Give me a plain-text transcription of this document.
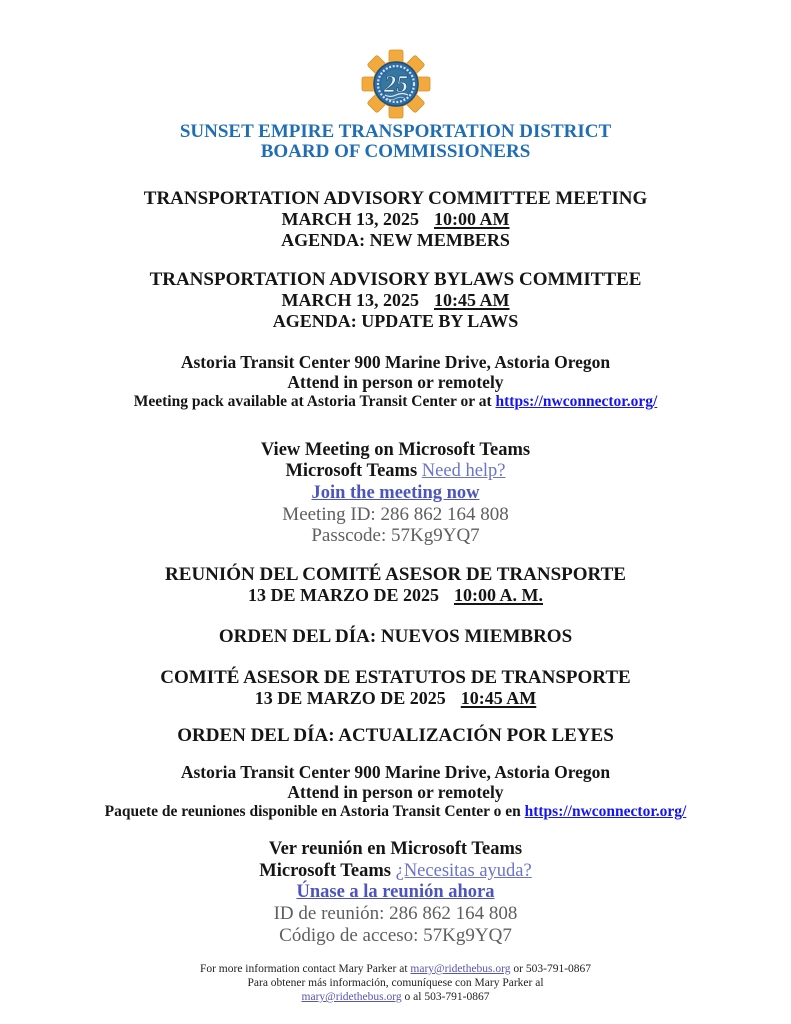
25
SUNSET EMPIRE TRANSPORTATION DISTRICT
BOARD OF COMMISSIONERS
TRANSPORTATION ADVISORY COMMITTEE MEETING
MARCH 13, 2025 10:00 AM
AGENDA: NEW MEMBERS
TRANSPORTATION ADVISORY BYLAWS COMMITTEE
MARCH 13, 2025 10:45 AM
AGENDA: UPDATE BY LAWS
Astoria Transit Center 900 Marine Drive, Astoria Oregon
Attend in person or remotely
Meeting pack available at Astoria Transit Center or at https://nwconnector.org/
View Meeting on Microsoft Teams
Microsoft Teams Need help?
Join the meeting now
Meeting ID: 286 862 164 808
Passcode: 57Kg9YQ7
REUNIÓN DEL COMITÉ ASESOR DE TRANSPORTE
13 DE MARZO DE 2025 10:00 A. M.
ORDEN DEL DÍA: NUEVOS MIEMBROS
COMITÉ ASESOR DE ESTATUTOS DE TRANSPORTE
13 DE MARZO DE 2025 10:45 AM
ORDEN DEL DÍA: ACTUALIZACIÓN POR LEYES
Astoria Transit Center 900 Marine Drive, Astoria Oregon
Attend in person or remotely
Paquete de reuniones disponible en Astoria Transit Center o en https://nwconnector.org/
Ver reunión en Microsoft Teams
Microsoft Teams ¿Necesitas ayuda?
Únase a la reunión ahora
ID de reunión: 286 862 164 808
Código de acceso: 57Kg9YQ7
For more information contact Mary Parker at mary@ridethebus.org or 503-791-0867
Para obtener más información, comuníquese con Mary Parker al
mary@ridethebus.org o al 503-791-0867
